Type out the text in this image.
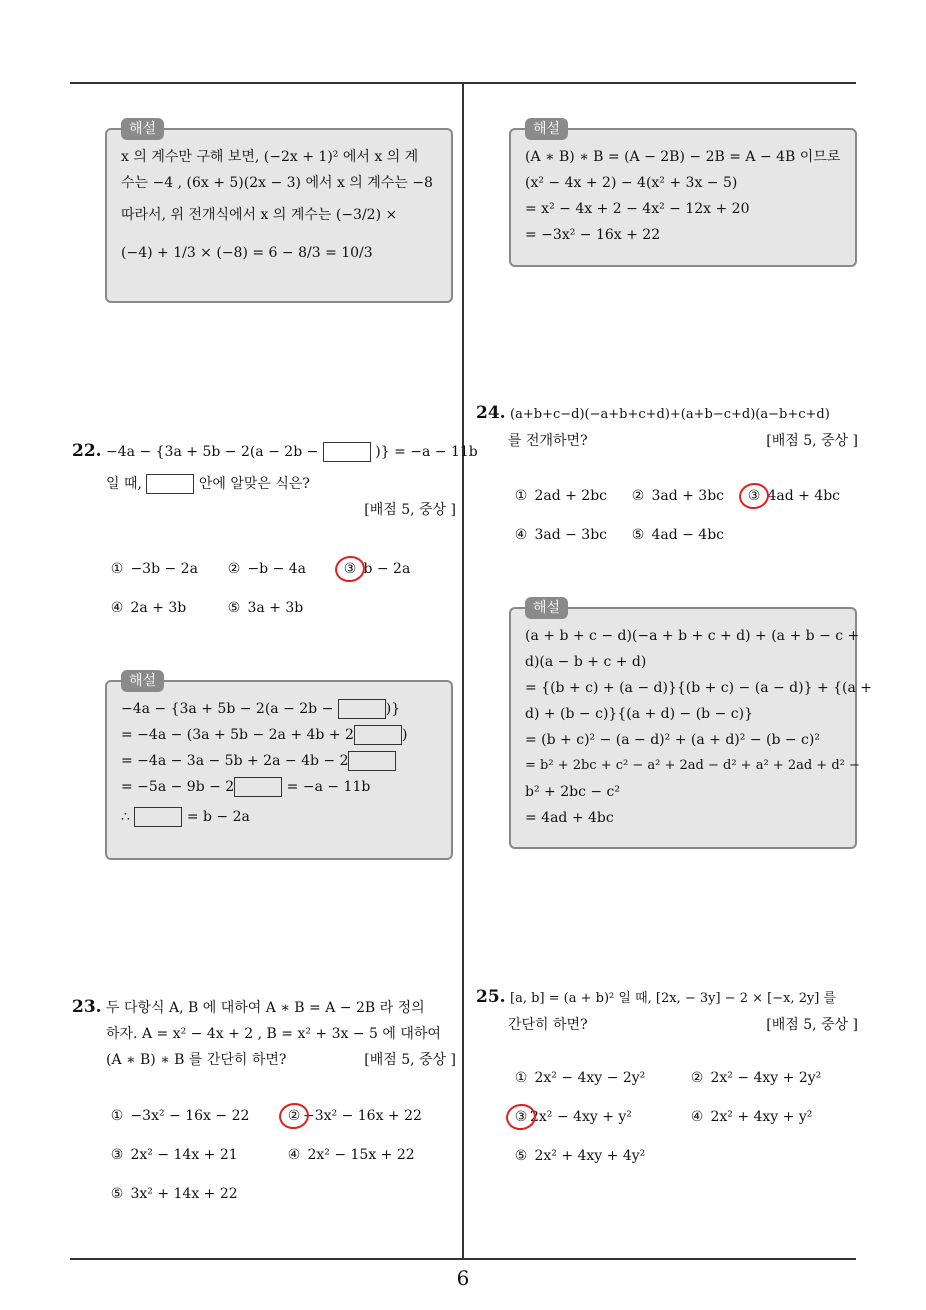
6
해설
x 의 계수만 구해 보면, (−2x + 1)² 에서 x 의 계
수는 −4 , (6x + 5)(2x − 3) 에서 x 의 계수는 −8
따라서, 위 전개식에서 x 의 계수는 (−3/2) ×
(−4) + 1/3 × (−8) = 6 − 8/3 = 10/3
해설
(A ∗ B) ∗ B = (A − 2B) − 2B = A − 4B 이므로
(x² − 4x + 2) − 4(x² + 3x − 5)
= x² − 4x + 2 − 4x² − 12x + 20
= −3x² − 16x + 22
22. −4a − {3a + 5b − 2(a − 2b −	)} = −a − 11b
일 때,	안에 알맞은 식은?
[배점 5, 중상 ]
① −3b − 2a ② −b − 4a	③ b − 2a
④ 2a + 3b	⑤ 3a + 3b
해설
−4a − {3a + 5b − 2(a − 2b −	)}
= −4a − (3a + 5b − 2a + 4b + 2	)
= −4a − 3a − 5b + 2a − 4b − 2
= −5a − 9b − 2	= −a − 11b
∴	= b − 2a
23. 두 다항식 A, B 에 대하여 A ∗ B = A − 2B 라 정의
하자. A = x² − 4x + 2 , B = x² + 3x − 5 에 대하여
(A ∗ B) ∗ B 를 간단히 하면?	[배점 5, 중상 ]
① −3x² − 16x − 22	② −3x² − 16x + 22
③ 2x² − 14x + 21	④ 2x² − 15x + 22
⑤ 3x² + 14x + 22
24. (a+b+c−d)(−a+b+c+d)+(a+b−c+d)(a−b+c+d)
를 전개하면?	[배점 5, 중상 ]
① 2ad + 2bc ② 3ad + 3bc ③ 4ad + 4bc
④ 3ad − 3bc ⑤ 4ad − 4bc
해설
(a + b + c − d)(−a + b + c + d) + (a + b − c +
d)(a − b + c + d)
= {(b + c) + (a − d)}{(b + c) − (a − d)} + {(a +
d) + (b − c)}{(a + d) − (b − c)}
= (b + c)² − (a − d)² + (a + d)² − (b − c)²
= b² + 2bc + c² − a² + 2ad − d² + a² + 2ad + d² −
b² + 2bc − c²
= 4ad + 4bc
25. [a, b] = (a + b)² 일 때, [2x, − 3y] − 2 × [−x, 2y] 를
간단히 하면?	[배점 5, 중상 ]
① 2x² − 4xy − 2y²	② 2x² − 4xy + 2y²
③ 2x² − 4xy + y²	④ 2x² + 4xy + y²
⑤ 2x² + 4xy + 4y²
